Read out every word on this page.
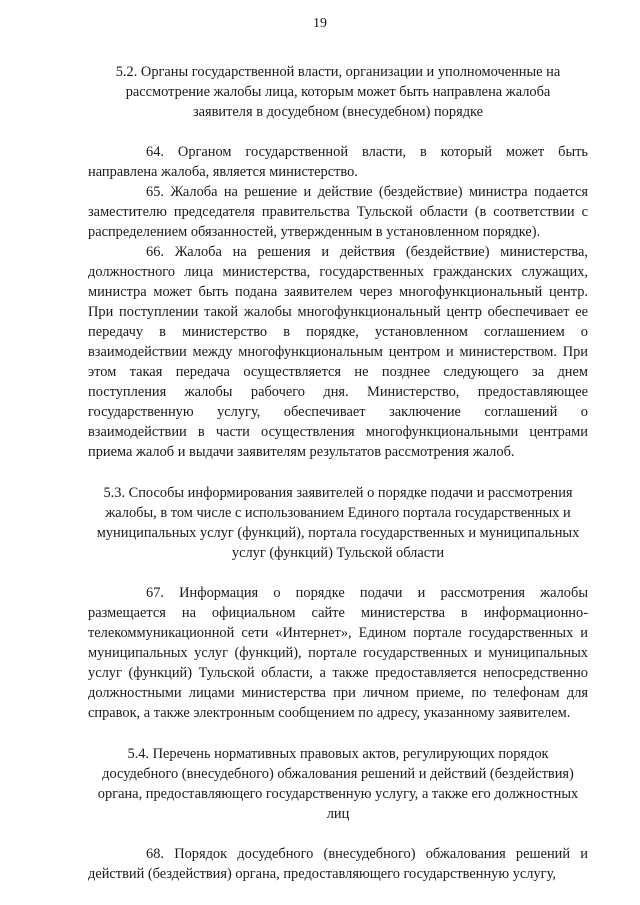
19

5.2. Органы государственной власти, организации и уполномоченные на рассмотрение жалобы лица, которым может быть направлена жалоба заявителя в досудебном (внесудебном) порядке

64. Органом государственной власти, в который может быть направлена жалоба, является министерство.

65. Жалоба на решение и действие (бездействие) министра подается заместителю председателя правительства Тульской области (в соответствии с распределением обязанностей, утвержденным в установленном порядке).

66. Жалоба на решения и действия (бездействие) министерства, должностного лица министерства, государственных гражданских служащих, министра может быть подана заявителем через многофункциональный центр. При поступлении такой жалобы многофункциональный центр обеспечивает ее передачу в министерство в порядке, установленном соглашением о взаимодействии между многофункциональным центром и министерством. При этом такая передача осуществляется не позднее следующего за днем поступления жалобы рабочего дня. Министерство, предоставляющее государственную услугу, обеспечивает заключение соглашений о взаимодействии в части осуществления многофункциональными центрами приема жалоб и выдачи заявителям результатов рассмотрения жалоб.

5.3. Способы информирования заявителей о порядке подачи и рассмотрения жалобы, в том числе с использованием Единого портала государственных и муниципальных услуг (функций), портала государственных и муниципальных услуг (функций) Тульской области

67. Информация о порядке подачи и рассмотрения жалобы размещается на официальном сайте министерства в информационно-телекоммуникационной сети «Интернет», Едином портале государственных и муниципальных услуг (функций), портале государственных и муниципальных услуг (функций) Тульской области, а также предоставляется непосредственно должностными лицами министерства при личном приеме, по телефонам для справок, а также электронным сообщением по адресу, указанному заявителем.

5.4. Перечень нормативных правовых актов, регулирующих порядок досудебного (внесудебного) обжалования решений и действий (бездействия) органа, предоставляющего государственную услугу, а также его должностных лиц

68. Порядок досудебного (внесудебного) обжалования решений и действий (бездействия) органа, предоставляющего государственную услугу,
